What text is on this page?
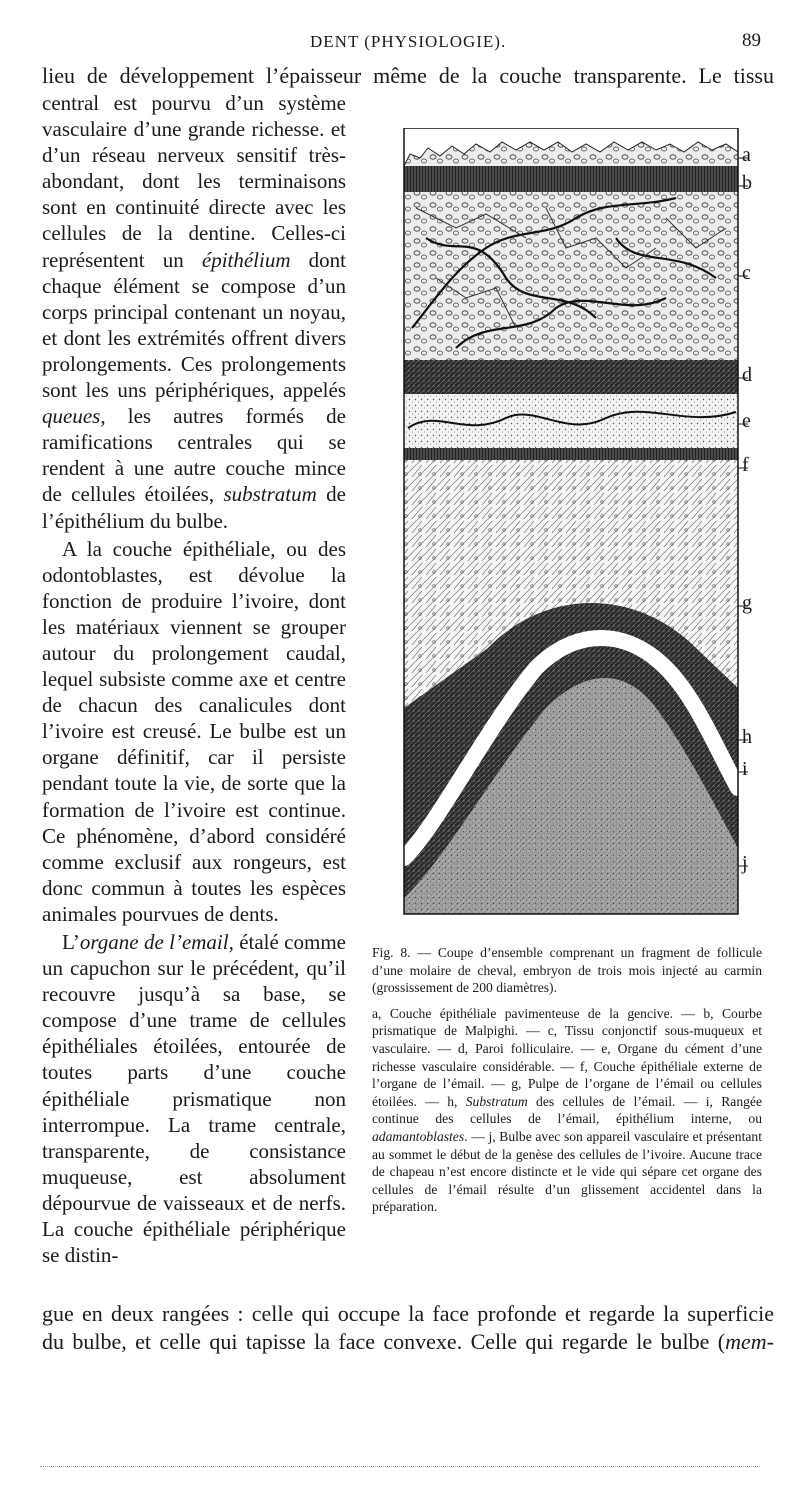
DENT (PHYSIOLOGIE).	89
lieu de développement l’épaisseur même de la couche transparente. Le tissu

central est pourvu d’un système vasculaire d’une grande richesse. et d’un réseau nerveux sensitif très-abondant, dont les terminaisons sont en continuité directe avec les cellules de la dentine. Celles-ci représentent un épithélium dont chaque élément se compose d’un corps principal contenant un noyau, et dont les extrémités offrent divers prolongements. Ces prolongements sont les uns périphériques, appelés queues, les autres formés de ramifications centrales qui se rendent à une autre couche mince de cellules étoilées, substratum de l’épithélium du bulbe.

A la couche épithéliale, ou des odontoblastes, est dévolue la fonction de produire l’ivoire, dont les matériaux viennent se grouper autour du prolongement caudal, lequel subsiste comme axe et centre de chacun des canalicules dont l’ivoire est creusé. Le bulbe est un organe définitif, car il persiste pendant toute la vie, de sorte que la formation de l’ivoire est continue. Ce phénomène, d’abord considéré comme exclusif aux rongeurs, est donc commun à toutes les espèces animales pourvues de dents.

L’organe de l’email, étalé comme un capuchon sur le précédent, qu’il recouvre jusqu’à sa base, se compose d’une trame de cellules épithéliales étoilées, entourée de toutes parts d’une couche épithéliale prismatique non interrompue. La trame centrale, transparente, de consistance muqueuse, est absolument dépourvue de vaisseaux et de nerfs. La couche épithéliale périphérique se distin-

a
b
c
d
e
f
g
h
i
j

Fig. 8. — Coupe d’ensemble comprenant un fragment de follicule d’une molaire de cheval, embryon de trois mois injecté au carmin (grossissement de 200 diamètres).

a, Couche épithéliale pavimenteuse de la gencive. — b, Courbe prismatique de Malpighi. — c, Tissu conjonctif sous-muqueux et vasculaire. — d, Paroi folliculaire. — e, Organe du cément d’une richesse vasculaire considérable. — f, Couche épithéliale externe de l’organe de l’émail. — g, Pulpe de l’organe de l’émail ou cellules étoilées. — h, Substratum des cellules de l’émail. — i, Rangée continue des cellules de l’émail, épithélium interne, ou adamantoblastes. — j, Bulbe avec son appareil vasculaire et présentant au sommet le début de la genèse des cellules de l’ivoire. Aucune trace de chapeau n’est encore distincte et le vide qui sépare cet organe des cellules de l’émail résulte d’un glissement accidentel dans la préparation.

gue en deux rangées : celle qui occupe la face profonde et regarde la superficie
du bulbe, et celle qui tapisse la face convexe. Celle qui regarde le bulbe (mem-
